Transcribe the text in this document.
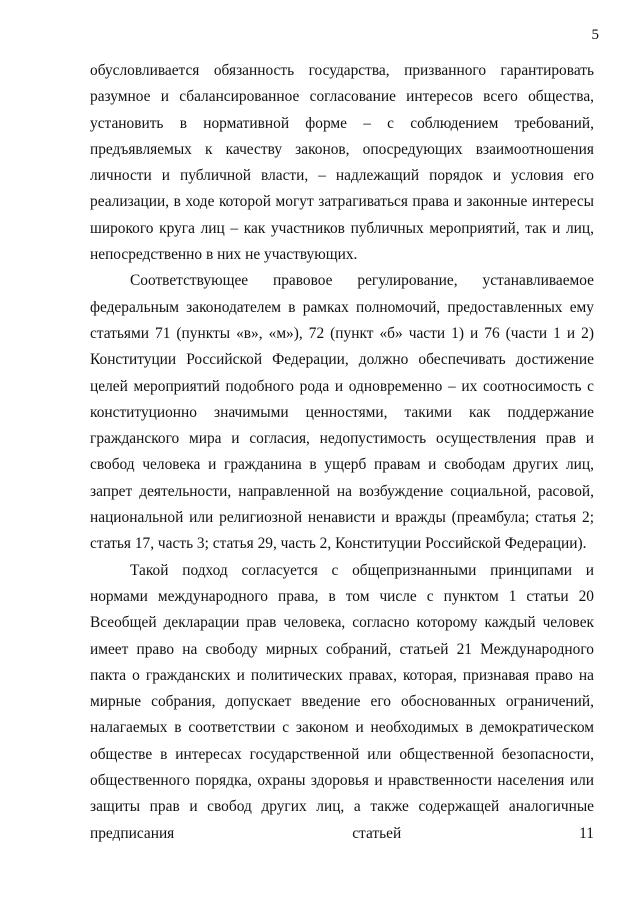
5

обусловливается обязанность государства, призванного гарантировать разумное и сбалансированное согласование интересов всего общества, установить в нормативной форме – с соблюдением требований, предъявляемых к качеству законов, опосредующих взаимоотношения личности и публичной власти, – надлежащий порядок и условия его реализации, в ходе которой могут затрагиваться права и законные интересы широкого круга лиц – как участников публичных мероприятий, так и лиц, непосредственно в них не участвующих.

Соответствующее правовое регулирование, устанавливаемое федеральным законодателем в рамках полномочий, предоставленных ему статьями 71 (пункты «в», «м»), 72 (пункт «б» части 1) и 76 (части 1 и 2) Конституции Российской Федерации, должно обеспечивать достижение целей мероприятий подобного рода и одновременно – их соотносимость с конституционно значимыми ценностями, такими как поддержание гражданского мира и согласия, недопустимость осуществления прав и свобод человека и гражданина в ущерб правам и свободам других лиц, запрет деятельности, направленной на возбуждение социальной, расовой, национальной или религиозной ненависти и вражды (преамбула; статья 2; статья 17, часть 3; статья 29, часть 2, Конституции Российской Федерации).

Такой подход согласуется с общепризнанными принципами и нормами международного права, в том числе с пунктом 1 статьи 20 Всеобщей декларации прав человека, согласно которому каждый человек имеет право на свободу мирных собраний, статьей 21 Международного пакта о гражданских и политических правах, которая, признавая право на мирные собрания, допускает введение его обоснованных ограничений, налагаемых в соответствии с законом и необходимых в демократическом обществе в интересах государственной или общественной безопасности, общественного порядка, охраны здоровья и нравственности населения или защиты прав и свобод других лиц, а также содержащей аналогичные предписания статьей 11
